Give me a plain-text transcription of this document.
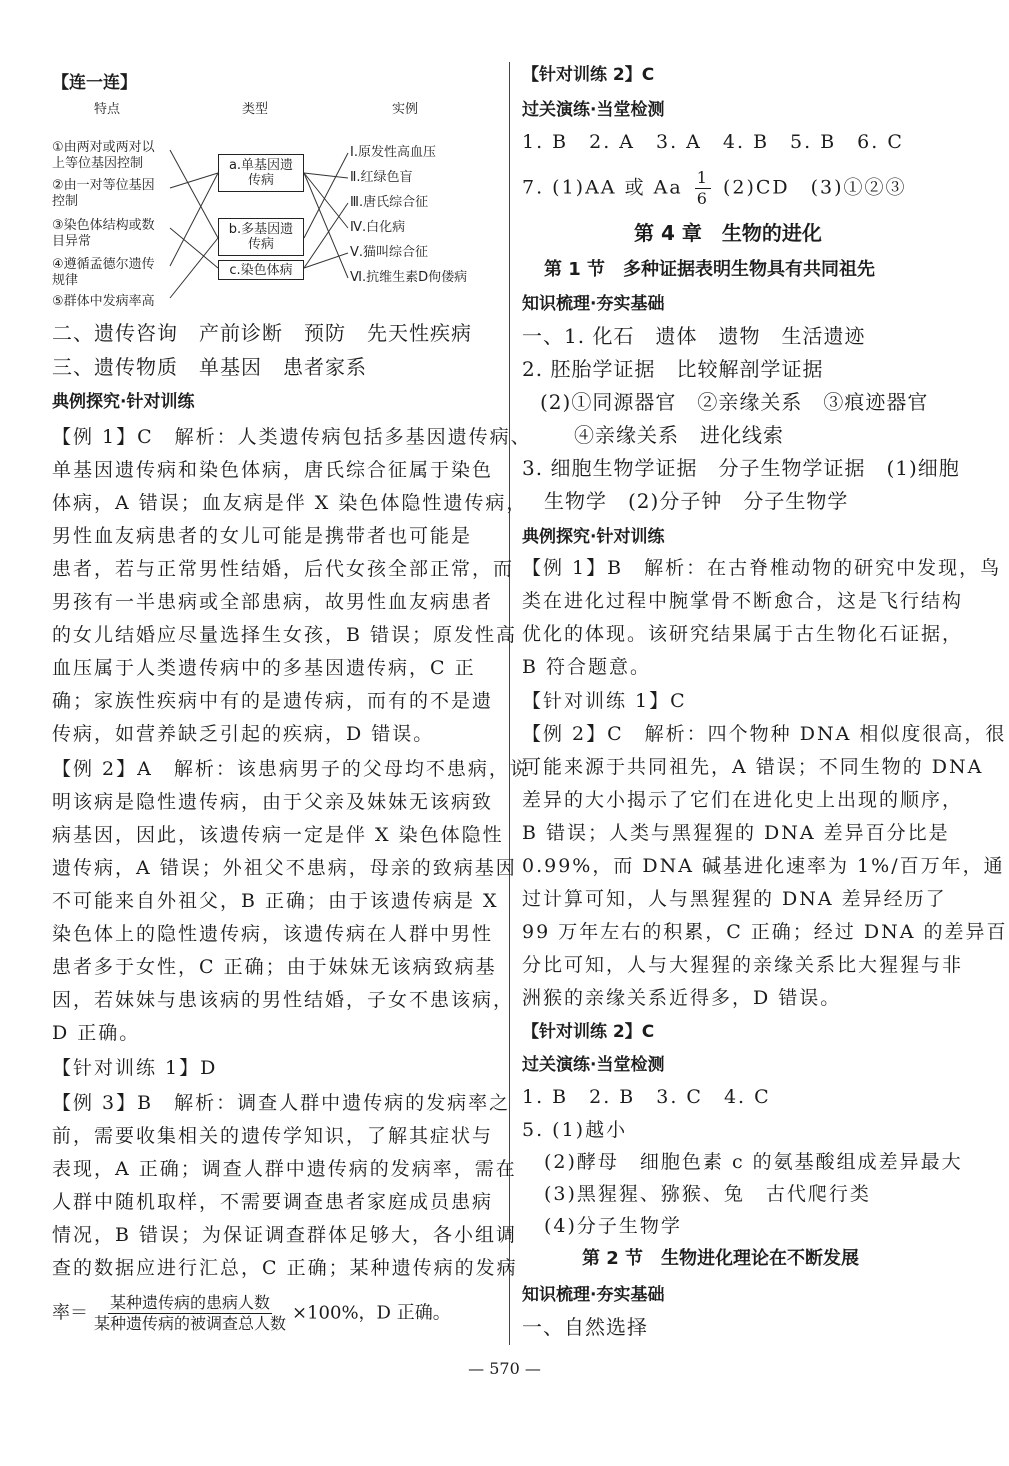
【连一连】
特点	类型	实例
①由两对或两对以
上等位基因控制
②由一对等位基因
控制
③染色体结构或数
目异常
④遵循孟德尔遗传
规律
⑤群体中发病率高
a.单基因遗
传病
b.多基因遗
传病
c.染色体病
Ⅰ.原发性高血压
Ⅱ.红绿色盲
Ⅲ.唐氏综合征
Ⅳ.白化病
Ⅴ.猫叫综合征
Ⅵ.抗维生素D佝偻病
二、遗传咨询　产前诊断　预防　先天性疾病
三、遗传物质　单基因　患者家系
典例探究·针对训练
【例 1】C　解析：人类遗传病包括多基因遗传病、
单基因遗传病和染色体病，唐氏综合征属于染色
体病，A 错误；血友病是伴 X 染色体隐性遗传病，
男性血友病患者的女儿可能是携带者也可能是
患者，若与正常男性结婚，后代女孩全部正常，而
男孩有一半患病或全部患病，故男性血友病患者
的女儿结婚应尽量选择生女孩，B 错误；原发性高
血压属于人类遗传病中的多基因遗传病，C 正
确；家族性疾病中有的是遗传病，而有的不是遗
传病，如营养缺乏引起的疾病，D 错误。
【例 2】A　解析：该患病男子的父母均不患病，说
明该病是隐性遗传病，由于父亲及妹妹无该病致
病基因，因此，该遗传病一定是伴 X 染色体隐性
遗传病，A 错误；外祖父不患病，母亲的致病基因
不可能来自外祖父，B 正确；由于该遗传病是 X
染色体上的隐性遗传病，该遗传病在人群中男性
患者多于女性，C 正确；由于妹妹无该病致病基
因，若妹妹与患该病的男性结婚，子女不患该病，
D 正确。
【针对训练 1】D
【例 3】B　解析：调查人群中遗传病的发病率之
前，需要收集相关的遗传学知识，了解其症状与
表现，A 正确；调查人群中遗传病的发病率，需在
人群中随机取样，不需要调查患者家庭成员患病
情况，B 错误；为保证调查群体足够大，各小组调
查的数据应进行汇总，C 正确；某种遗传病的发病
率＝ $\frac{\text{某种遗传病的患病人数}}{\text{某种遗传病的被调查总人数}} \times 100\%$，D 正确。
【针对训练 2】C
过关演练·当堂检测
1. B　2. A　3. A　4. B　5. B　6. C
7. (1)AA 或 Aa $\frac{1}{6} (2)CD$　(3)①②③
第 4 章　生物的进化
第 1 节　多种证据表明生物具有共同祖先
知识梳理·夯实基础
一、1. 化石　遗体　遗物　生活遗迹
2. 胚胎学证据　比较解剖学证据
(2)①同源器官　②亲缘关系　③痕迹器官
④亲缘关系　进化线索
3. 细胞生物学证据　分子生物学证据　(1)细胞
生物学　(2)分子钟　分子生物学
典例探究·针对训练
【例 1】B　解析：在古脊椎动物的研究中发现，鸟
类在进化过程中腕掌骨不断愈合，这是飞行结构
优化的体现。该研究结果属于古生物化石证据，
B 符合题意。
【针对训练 1】C
【例 2】C　解析：四个物种 DNA 相似度很高，很
可能来源于共同祖先，A 错误；不同生物的 DNA
差异的大小揭示了它们在进化史上出现的顺序，
B 错误；人类与黑猩猩的 DNA 差异百分比是
0.99%，而 DNA 碱基进化速率为 1%/百万年，通
过计算可知，人与黑猩猩的 DNA 差异经历了
99 万年左右的积累，C 正确；经过 DNA 的差异百
分比可知，人与大猩猩的亲缘关系比大猩猩与非
洲猴的亲缘关系近得多，D 错误。
【针对训练 2】C
过关演练·当堂检测
1. B　2. B　3. C　4. C
5. (1)越小
(2)酵母　细胞色素 c 的氨基酸组成差异最大
(3)黑猩猩、猕猴、兔　古代爬行类
(4)分子生物学
第 2 节　生物进化理论在不断发展
知识梳理·夯实基础
一、自然选择
— 570 —
